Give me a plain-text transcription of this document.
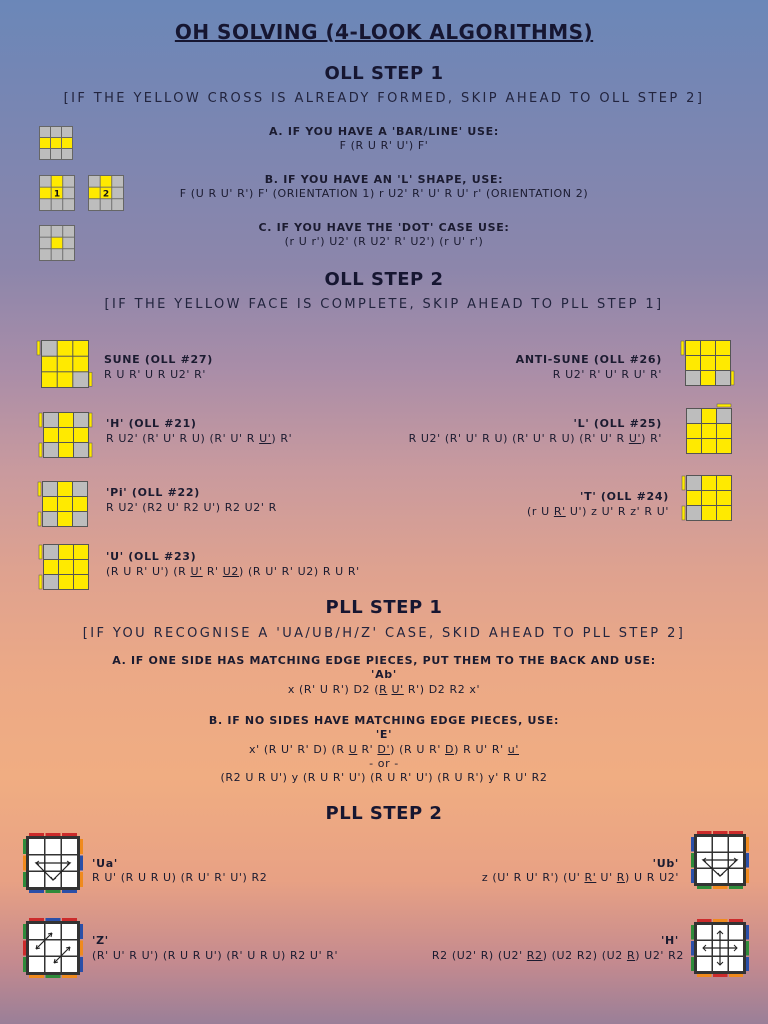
OH SOLVING (4-LOOK ALGORITHMS)
OLL STEP 1
[IF THE YELLOW CROSS IS ALREADY FORMED, SKIP AHEAD TO OLL STEP 2]
A. IF YOU HAVE A 'BAR/LINE' USE:
F (R U R' U') F'
1	2
B. IF YOU HAVE AN 'L' SHAPE, USE:
F (U R U' R') F' (ORIENTATION 1) r U2' R' U' R U' r' (ORIENTATION 2)
C. IF YOU HAVE THE 'DOT' CASE USE:
(r U r') U2' (R U2' R' U2') (r U' r')
OLL STEP 2
[IF THE YELLOW FACE IS COMPLETE, SKIP AHEAD TO PLL STEP 1]
SUNE (OLL #27)
R U R' U R U2' R'
ANTI-SUNE (OLL #26)
R U2' R' U' R U' R'
'H' (OLL #21)
R U2' (R' U' R U) (R' U' R U') R'
'L' (OLL #25)
R U2' (R' U' R U) (R' U' R U) (R' U' R U') R'
'Pi' (OLL #22)
R U2' (R2 U' R2 U') R2 U2' R
'T' (OLL #24)
(r U R' U') z U' R z' R U'
'U' (OLL #23)
(R U R' U') (R U' R' U2) (R U' R' U2) R U R'
PLL STEP 1
[IF YOU RECOGNISE A 'UA/UB/H/Z' CASE, SKID AHEAD TO PLL STEP 2]
A. IF ONE SIDE HAS MATCHING EDGE PIECES, PUT THEM TO THE BACK AND USE:
'Ab'
x (R' U R') D2 (R U' R') D2 R2 x'
B. IF NO SIDES HAVE MATCHING EDGE PIECES, USE:
'E'
x' (R U' R' D) (R U R' D') (R U R' D) R U' R' u'
- or -
(R2 U R U') y (R U R' U') (R U R' U') (R U R') y' R U' R2
PLL STEP 2
'Ua'
R U' (R U R U) (R U' R' U') R2
'Ub'
z (U' R U' R') (U' R' U' R) U R U2'
'Z'
(R' U' R U') (R U R U') (R' U R U) R2 U' R'
'H'
R2 (U2' R) (U2' R2) (U2 R2) (U2 R) U2' R2
